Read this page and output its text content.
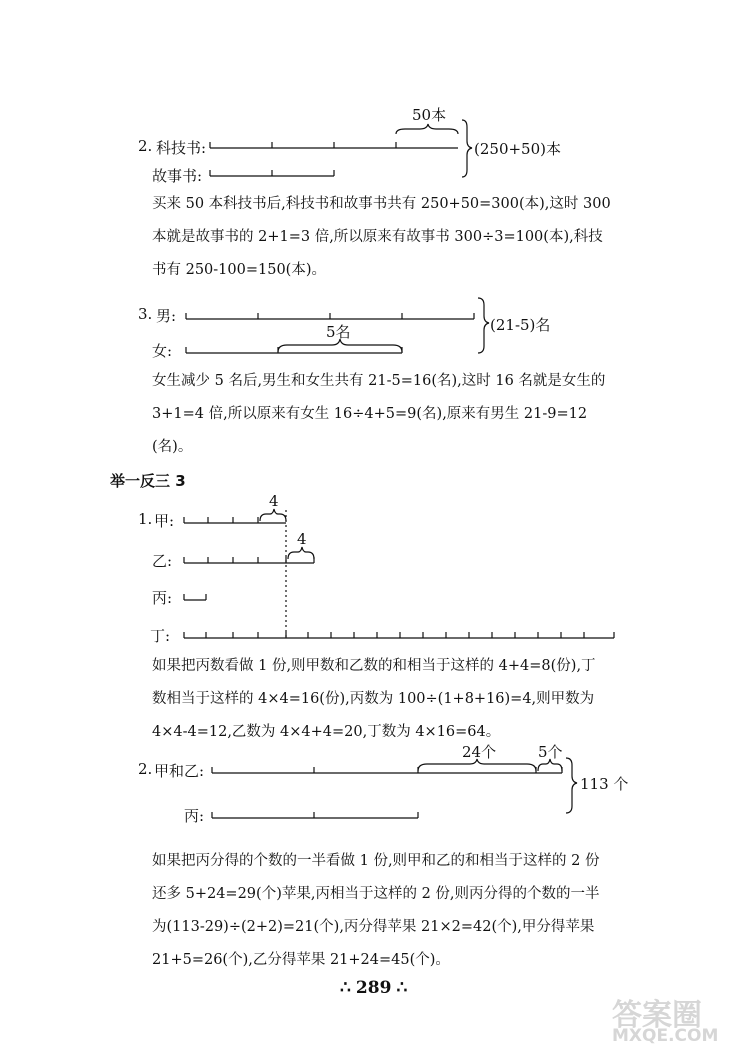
2. 科技书:
故事书:
50本
(250+50)本

买来 50 本科技书后,科技书和故事书共有 250+50=300(本),这时 300

本就是故事书的 2+1=3 倍,所以原来有故事书 300÷3=100(本),科技

书有 250-100=150(本)。

3. 男:
女:
5名	(21-5)名

女生减少 5 名后,男生和女生共有 21-5=16(名),这时 16 名就是女生的

3+1=4 倍,所以原来有女生 16÷4+5=9(名),原来有男生 21-9=12

(名)。

举一反三 3
1. 甲:
乙:
丙:
丁:
4
4

如果把丙数看做 1 份,则甲数和乙数的和相当于这样的 4+4=8(份),丁

数相当于这样的 4×4=16(份),丙数为 100÷(1+8+16)=4,则甲数为

4×4-4=12,乙数为 4×4+4=20,丁数为 4×16=64。

2. 甲和乙:
丙:
24个	5个
113 个

如果把丙分得的个数的一半看做 1 份,则甲和乙的和相当于这样的 2 份

还多 5+24=29(个)苹果,丙相当于这样的 2 份,则丙分得的个数的一半

为(113-29)÷(2+2)=21(个),丙分得苹果 21×2=42(个),甲分得苹果

21+5=26(个),乙分得苹果 21+24=45(个)。

∴ 289 ∴
答案圈
MXQE.COM
